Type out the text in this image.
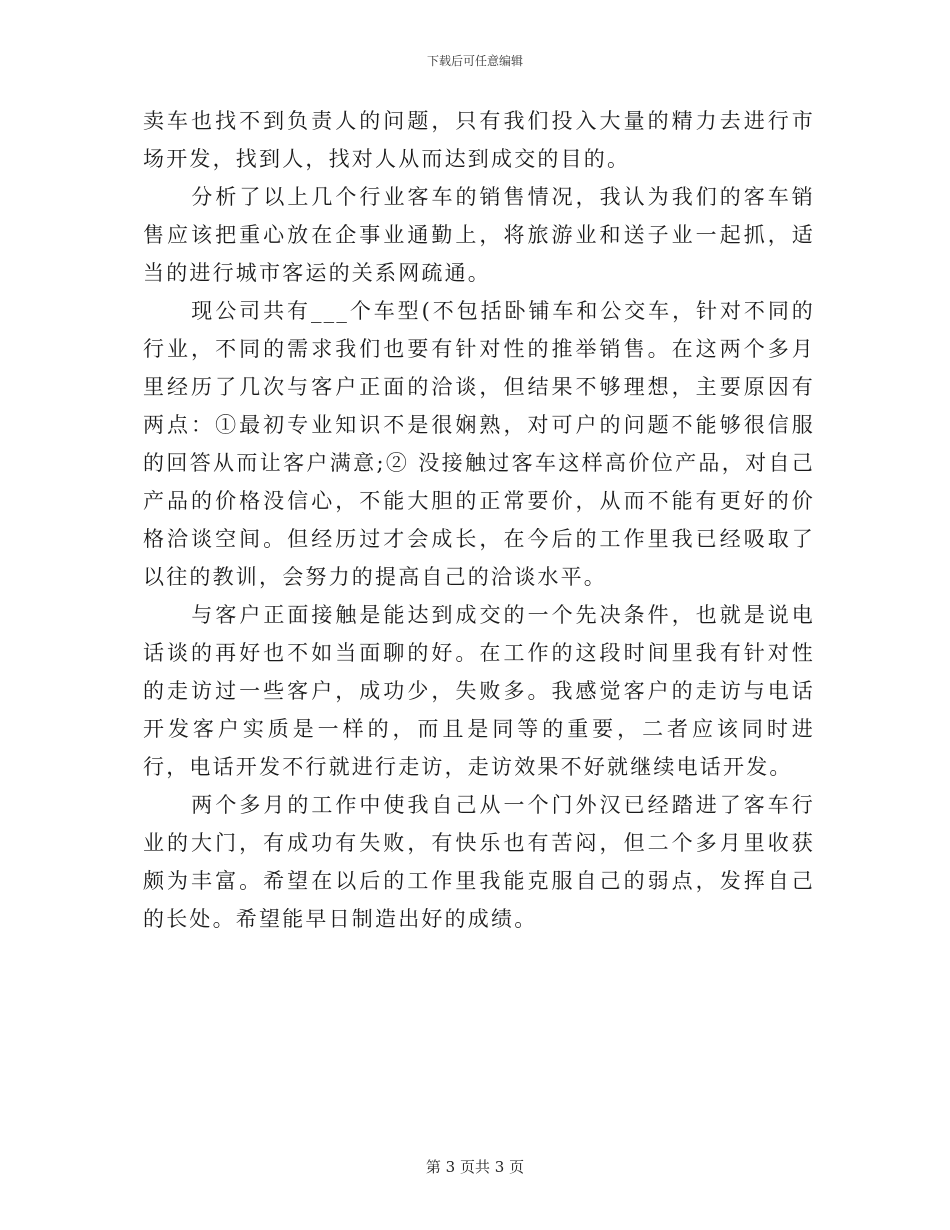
下载后可任意编辑

卖车也找不到负责人的问题，只有我们投入大量的精力去进行市场开发，找到人，找对人从而达到成交的目的。

分析了以上几个行业客车的销售情况，我认为我们的客车销售应该把重心放在企事业通勤上，将旅游业和送子业一起抓，适当的进行城市客运的关系网疏通。

现公司共有___个车型(不包括卧铺车和公交车，针对不同的行业，不同的需求我们也要有针对性的推举销售。在这两个多月里经历了几次与客户正面的洽谈，但结果不够理想，主要原因有两点：①最初专业知识不是很娴熟，对可户的问题不能够很信服的回答从而让客户满意;② 没接触过客车这样高价位产品，对自己产品的价格没信心，不能大胆的正常要价，从而不能有更好的价格洽谈空间。但经历过才会成长，在今后的工作里我已经吸取了以往的教训，会努力的提高自己的洽谈水平。

与客户正面接触是能达到成交的一个先决条件，也就是说电话谈的再好也不如当面聊的好。在工作的这段时间里我有针对性的走访过一些客户，成功少，失败多。我感觉客户的走访与电话开发客户实质是一样的，而且是同等的重要，二者应该同时进行，电话开发不行就进行走访，走访效果不好就继续电话开发。

两个多月的工作中使我自己从一个门外汉已经踏进了客车行业的大门，有成功有失败，有快乐也有苦闷，但二个多月里收获颇为丰富。希望在以后的工作里我能克服自己的弱点，发挥自己的长处。希望能早日制造出好的成绩。

第 3 页共 3 页
